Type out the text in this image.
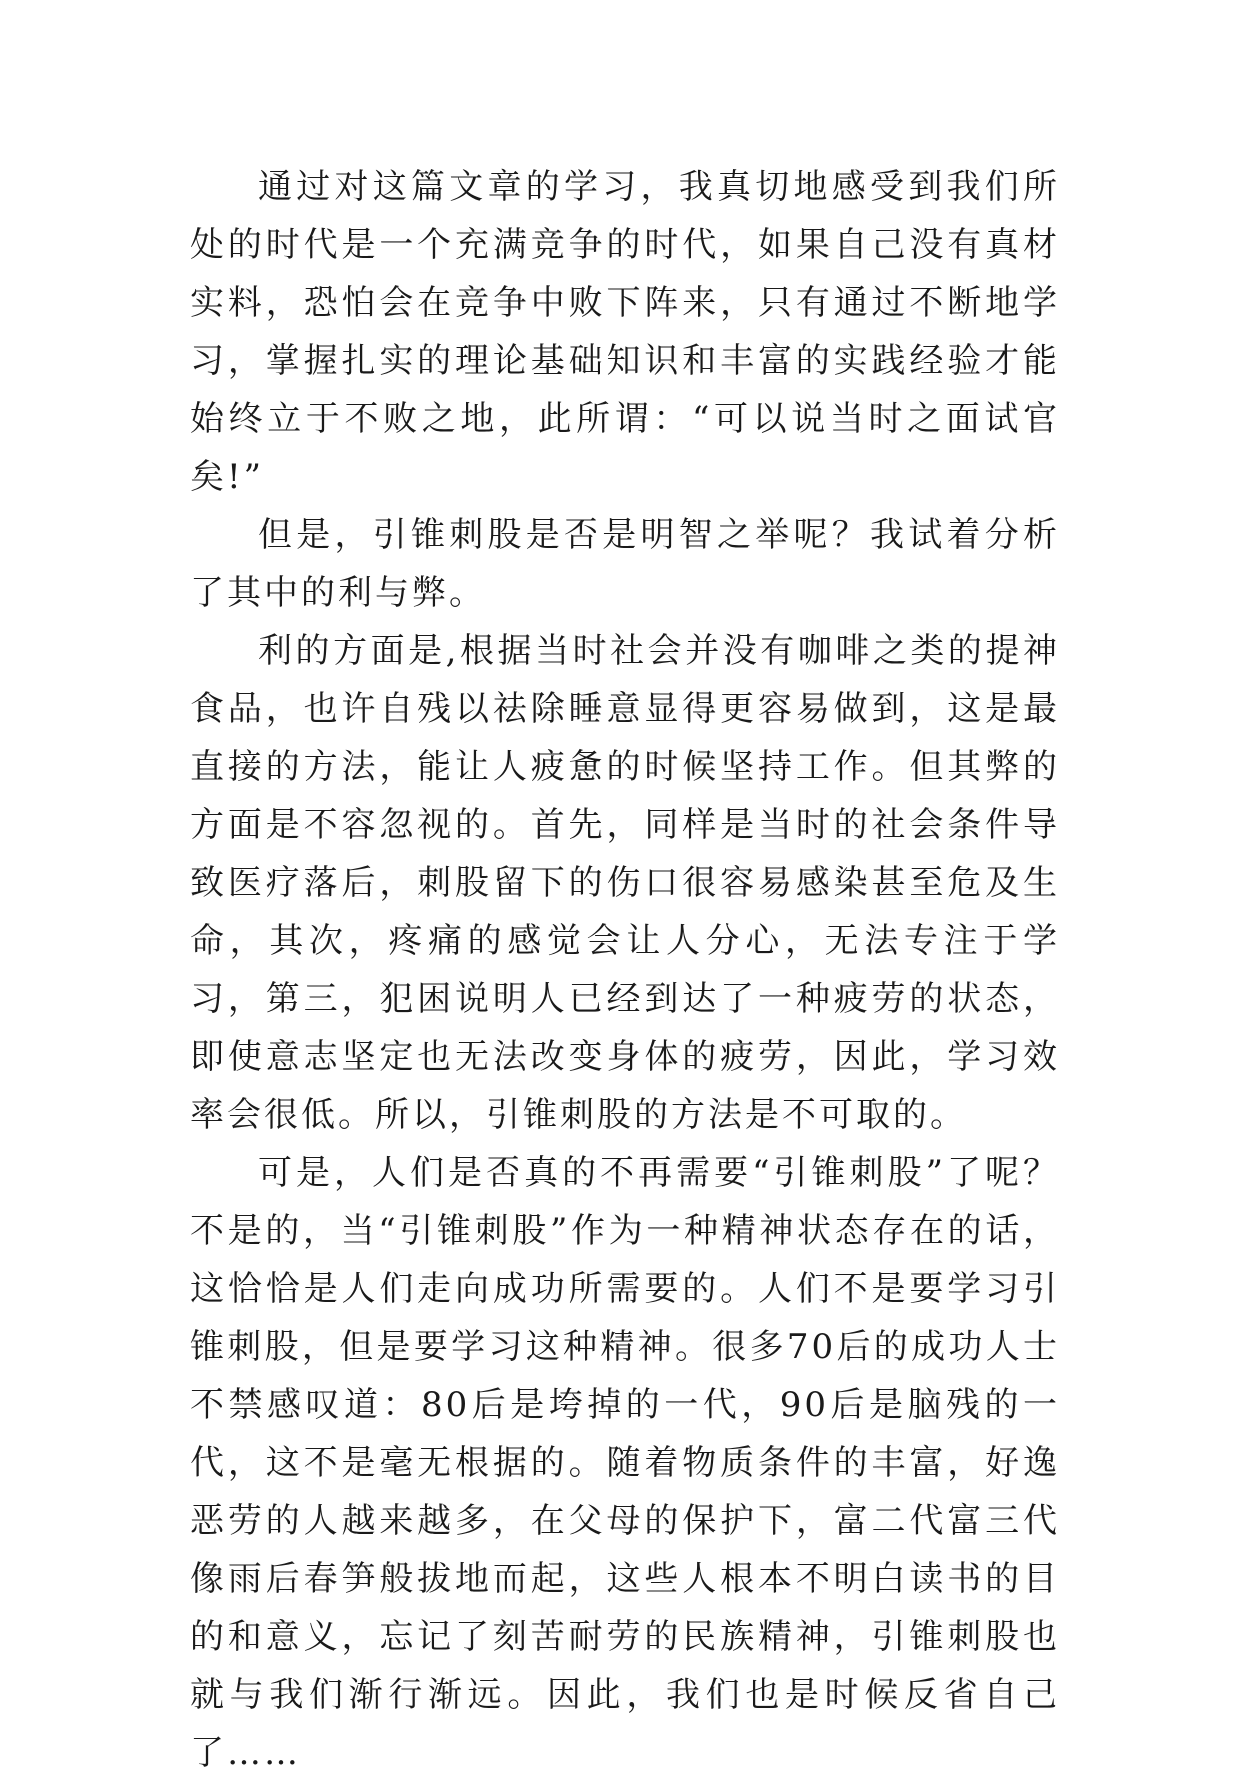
通过对这篇文章的学习，我真切地感受到我们所处的时代是一个充满竞争的时代，如果自己没有真材实料，恐怕会在竞争中败下阵来，只有通过不断地学习，掌握扎实的理论基础知识和丰富的实践经验才能始终立于不败之地，此所谓：“可以说当时之面试官矣!”

但是，引锥刺股是否是明智之举呢？我试着分析了其中的利与弊。

利的方面是,根据当时社会并没有咖啡之类的提神食品，也许自残以祛除睡意显得更容易做到，这是最直接的方法，能让人疲惫的时候坚持工作。但其弊的方面是不容忽视的。首先，同样是当时的社会条件导致医疗落后，刺股留下的伤口很容易感染甚至危及生命，其次，疼痛的感觉会让人分心，无法专注于学习，第三，犯困说明人已经到达了一种疲劳的状态，即使意志坚定也无法改变身体的疲劳，因此，学习效率会很低。所以，引锥刺股的方法是不可取的。

可是，人们是否真的不再需要“引锥刺股”了呢？不是的，当“引锥刺股”作为一种精神状态存在的话，这恰恰是人们走向成功所需要的。人们不是要学习引锥刺股，但是要学习这种精神。很多70后的成功人士不禁感叹道：80后是垮掉的一代，90后是脑残的一代，这不是毫无根据的。随着物质条件的丰富，好逸恶劳的人越来越多，在父母的保护下，富二代富三代像雨后春笋般拔地而起，这些人根本不明白读书的目的和意义，忘记了刻苦耐劳的民族精神，引锥刺股也就与我们渐行渐远。因此，我们也是时候反省自己了……
